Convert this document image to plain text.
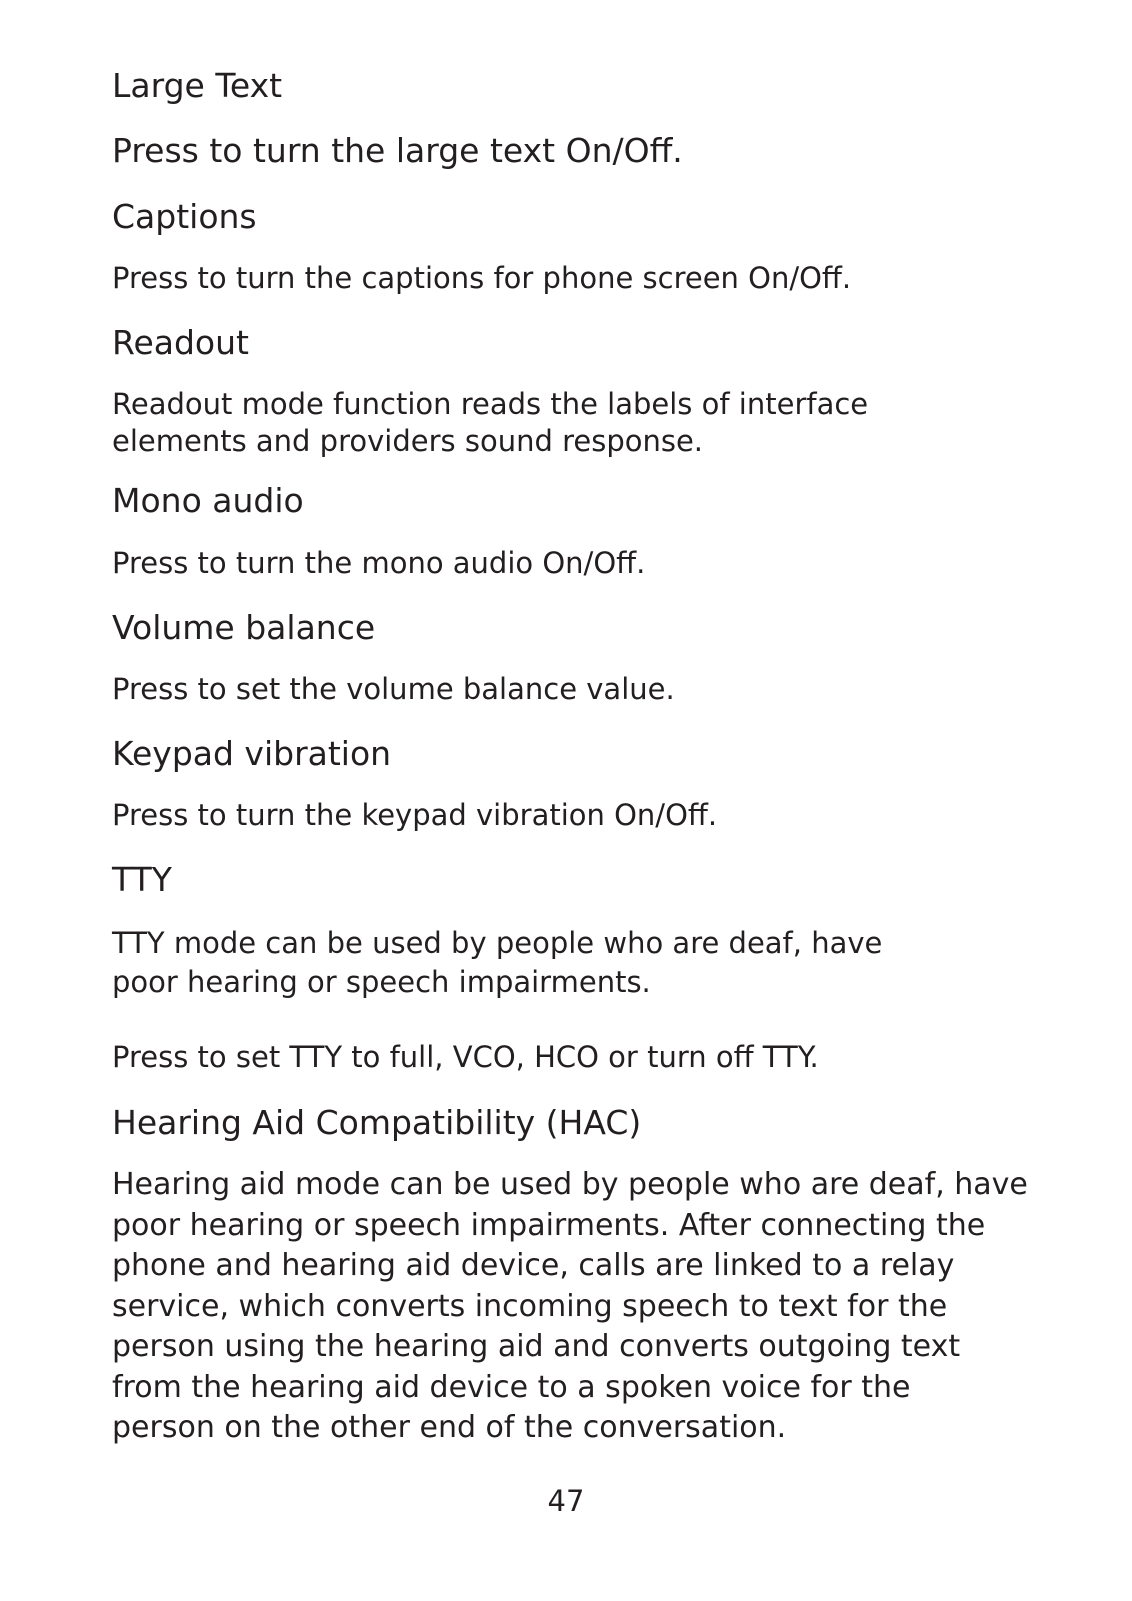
Large Text

Press to turn the large text On/Off.

Captions

Press to turn the captions for phone screen On/Off.

Readout

Readout mode function reads the labels of interface
elements and providers sound response.

Mono audio

Press to turn the mono audio On/Off.

Volume balance

Press to set the volume balance value.

Keypad vibration

Press to turn the keypad vibration On/Off.

TTY

TTY mode can be used by people who are deaf, have
poor hearing or speech impairments.

Press to set TTY to full, VCO, HCO or turn off TTY.

Hearing Aid Compatibility (HAC)

Hearing aid mode can be used by people who are deaf, have
poor hearing or speech impairments. After connecting the
phone and hearing aid device, calls are linked to a relay
service, which converts incoming speech to text for the
person using the hearing aid and converts outgoing text
from the hearing aid device to a spoken voice for the
person on the other end of the conversation.

47
